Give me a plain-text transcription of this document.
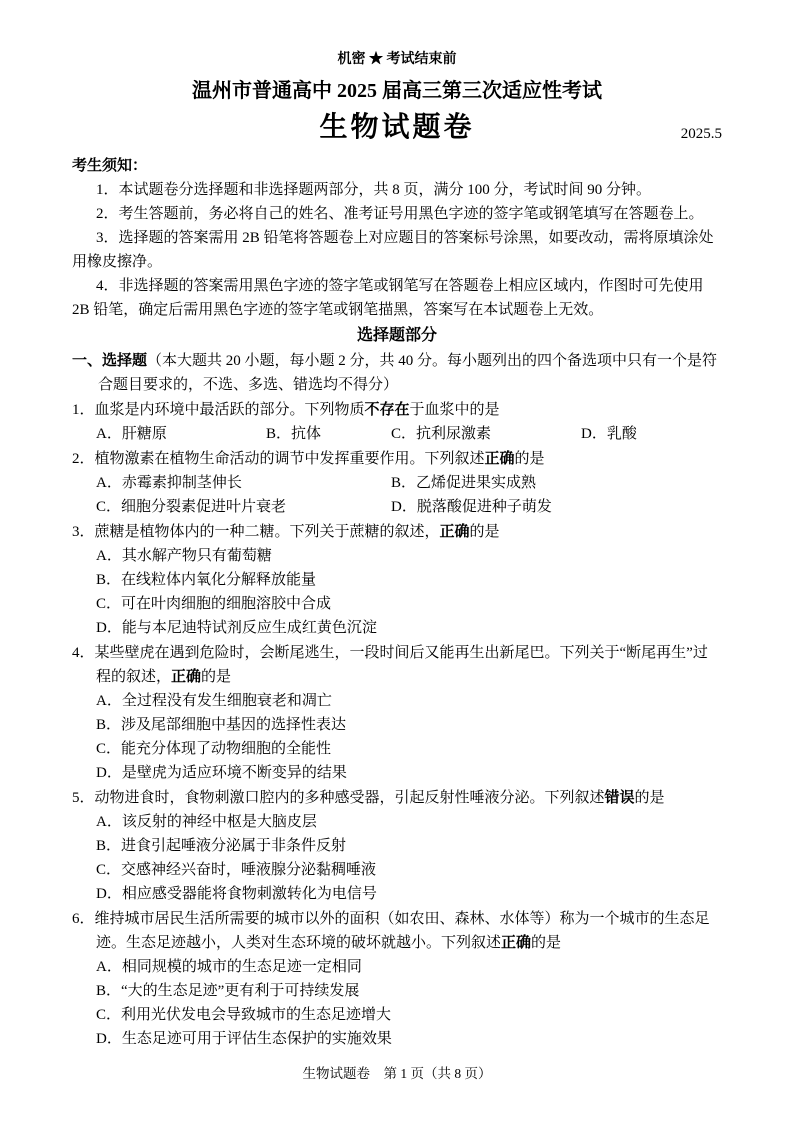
机密 ★ 考试结束前
温州市普通高中 2025 届高三第三次适应性考试
生物试题卷	2025.5
考生须知：
1．本试题卷分选择题和非选择题两部分，共 8 页，满分 100 分，考试时间 90 分钟。
2．考生答题前，务必将自己的姓名、准考证号用黑色字迹的签字笔或钢笔填写在答题卷上。
3．选择题的答案需用 2B 铅笔将答题卷上对应题目的答案标号涂黑，如要改动，需将原填涂处用橡皮擦净。
4．非选择题的答案需用黑色字迹的签字笔或钢笔写在答题卷上相应区域内，作图时可先使用 2B 铅笔，确定后需用黑色字迹的签字笔或钢笔描黑，答案写在本试题卷上无效。
选择题部分
一、选择题（本大题共 20 小题，每小题 2 分，共 40 分。每小题列出的四个备选项中只有一个是符合题目要求的，不选、多选、错选均不得分）
1．血浆是内环境中最活跃的部分。下列物质不存在于血浆中的是
A．肝糖原	B．抗体	C．抗利尿激素	D．乳酸
2．植物激素在植物生命活动的调节中发挥重要作用。下列叙述正确的是
A．赤霉素抑制茎伸长	B．乙烯促进果实成熟
C．细胞分裂素促进叶片衰老	D．脱落酸促进种子萌发
3．蔗糖是植物体内的一种二糖。下列关于蔗糖的叙述，正确的是
A．其水解产物只有葡萄糖
B．在线粒体内氧化分解释放能量
C．可在叶肉细胞的细胞溶胶中合成
D．能与本尼迪特试剂反应生成红黄色沉淀
4．某些壁虎在遇到危险时，会断尾逃生，一段时间后又能再生出新尾巴。下列关于“断尾再生”过程的叙述，正确的是
A．全过程没有发生细胞衰老和凋亡
B．涉及尾部细胞中基因的选择性表达
C．能充分体现了动物细胞的全能性
D．是壁虎为适应环境不断变异的结果
5．动物进食时，食物刺激口腔内的多种感受器，引起反射性唾液分泌。下列叙述错误的是
A．该反射的神经中枢是大脑皮层
B．进食引起唾液分泌属于非条件反射
C．交感神经兴奋时，唾液腺分泌黏稠唾液
D．相应感受器能将食物刺激转化为电信号
6．维持城市居民生活所需要的城市以外的面积（如农田、森林、水体等）称为一个城市的生态足迹。生态足迹越小，人类对生态环境的破坏就越小。下列叙述正确的是
A．相同规模的城市的生态足迹一定相同
B．“大的生态足迹”更有利于可持续发展
C．利用光伏发电会导致城市的生态足迹增大
D．生态足迹可用于评估生态保护的实施效果
生物试题卷　第 1 页（共 8 页）
